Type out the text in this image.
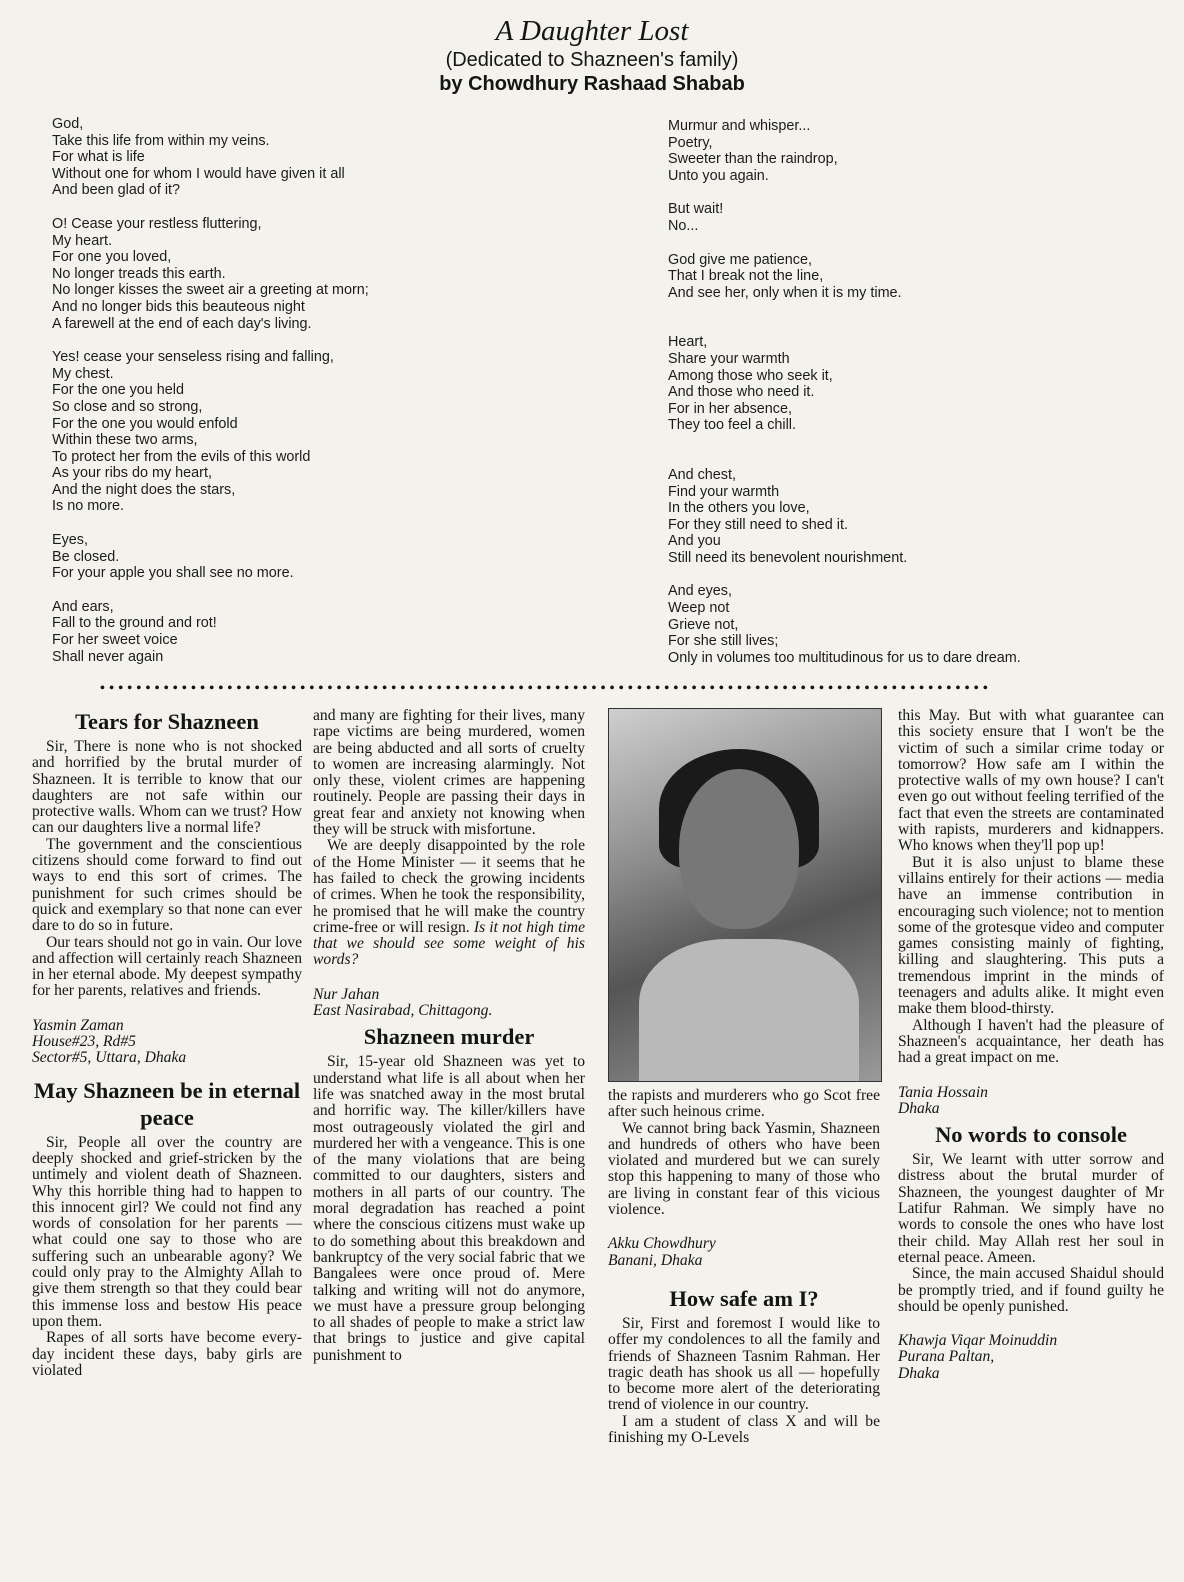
A Daughter Lost
(Dedicated to Shazneen's family)
by Chowdhury Rashaad Shabab
God,
Take this life from within my veins.
For what is life
Without one for whom I would have given it all
And been glad of it?
O! Cease your restless fluttering,
My heart.
For one you loved,
No longer treads this earth.
No longer kisses the sweet air a greeting at morn;
And no longer bids this beauteous night
A farewell at the end of each day's living.
Yes! cease your senseless rising and falling,
My chest.
For the one you held
So close and so strong,
For the one you would enfold
Within these two arms,
To protect her from the evils of this world
As your ribs do my heart,
And the night does the stars,
Is no more.
Eyes,
Be closed.
For your apple you shall see no more.
And ears,
Fall to the ground and rot!
For her sweet voice
Shall never again
Murmur and whisper...
Poetry,
Sweeter than the raindrop,
Unto you again.
But wait!
No...
God give me patience,
That I break not the line,
And see her, only when it is my time.
Heart,
Share your warmth
Among those who seek it,
And those who need it.
For in her absence,
They too feel a chill.
And chest,
Find your warmth
In the others you love,
For they still need to shed it.
And you
Still need its benevolent nourishment.
And eyes,
Weep not
Grieve not,
For she still lives;
Only in volumes too multitudinous for us to dare dream.
••••••••••••••••••••••••••••••••••••••••••••••••••••••••••••••••••••••••••••••••••••••••••••••••••
Tears for Shazneen

Sir, There is none who is not shocked and horrified by the brutal murder of Shazneen. It is terrible to know that our daughters are not safe within our protective walls. Whom can we trust? How can our daughters live a normal life?

The government and the conscientious citizens should come forward to find out ways to end this sort of crimes. The punishment for such crimes should be quick and exemplary so that none can ever dare to do so in future.

Our tears should not go in vain. Our love and affection will certainly reach Shazneen in her eternal abode. My deepest sympathy for her parents, relatives and friends.

Yasmin Zaman
House#23, Rd#5
Sector#5, Uttara, Dhaka
May Shazneen be in eternal peace

Sir, People all over the country are deeply shocked and grief-stricken by the untimely and violent death of Shazneen. Why this horrible thing had to happen to this innocent girl? We could not find any words of consolation for her parents — what could one say to those who are suffering such an unbearable agony? We could only pray to the Almighty Allah to give them strength so that they could bear this immense loss and bestow His peace upon them.

Rapes of all sorts have become every-day incident these days, baby girls are violated

and many are fighting for their lives, many rape victims are being murdered, women are being abducted and all sorts of cruelty to women are increasing alarmingly. Not only these, violent crimes are happening routinely. People are passing their days in great fear and anxiety not knowing when they will be struck with misfortune.

We are deeply disappointed by the role of the Home Minister — it seems that he has failed to check the growing incidents of crimes. When he took the responsibility, he promised that he will make the country crime-free or will resign. Is it not high time that we should see some weight of his words?

Nur Jahan
East Nasirabad, Chittagong.
Shazneen murder

Sir, 15-year old Shazneen was yet to understand what life is all about when her life was snatched away in the most brutal and horrific way. The killer/killers have most outrageously violated the girl and murdered her with a vengeance. This is one of the many violations that are being committed to our daughters, sisters and mothers in all parts of our country. The moral degradation has reached a point where the conscious citizens must wake up to do something about this breakdown and bankruptcy of the very social fabric that we Bangalees were once proud of. Mere talking and writing will not do anymore, we must have a pressure group belonging to all shades of people to make a strict law that brings to justice and give capital punishment to

the rapists and murderers who go Scot free after such heinous crime.

We cannot bring back Yasmin, Shazneen and hundreds of others who have been violated and murdered but we can surely stop this happening to many of those who are living in constant fear of this vicious violence.

Akku Chowdhury
Banani, Dhaka
How safe am I?

Sir, First and foremost I would like to offer my condolences to all the family and friends of Shazneen Tasnim Rahman. Her tragic death has shook us all — hopefully to become more alert of the deteriorating trend of violence in our country.

I am a student of class X and will be finishing my O-Levels

this May. But with what guarantee can this society ensure that I won't be the victim of such a similar crime today or tomorrow? How safe am I within the protective walls of my own house? I can't even go out without feeling terrified of the fact that even the streets are contaminated with rapists, murderers and kidnappers. Who knows when they'll pop up!

But it is also unjust to blame these villains entirely for their actions — media have an immense contribution in encouraging such violence; not to mention some of the grotesque video and computer games consisting mainly of fighting, killing and slaughtering. This puts a tremendous imprint in the minds of teenagers and adults alike. It might even make them blood-thirsty.

Although I haven't had the pleasure of Shazneen's acquaintance, her death has had a great impact on me.

Tania Hossain
Dhaka
No words to console

Sir, We learnt with utter sorrow and distress about the brutal murder of Shazneen, the youngest daughter of Mr Latifur Rahman. We simply have no words to console the ones who have lost their child. May Allah rest her soul in eternal peace. Ameen.

Since, the main accused Shaidul should be promptly tried, and if found guilty he should be openly punished.

Khawja Viqar Moinuddin
Purana Paltan,
Dhaka
